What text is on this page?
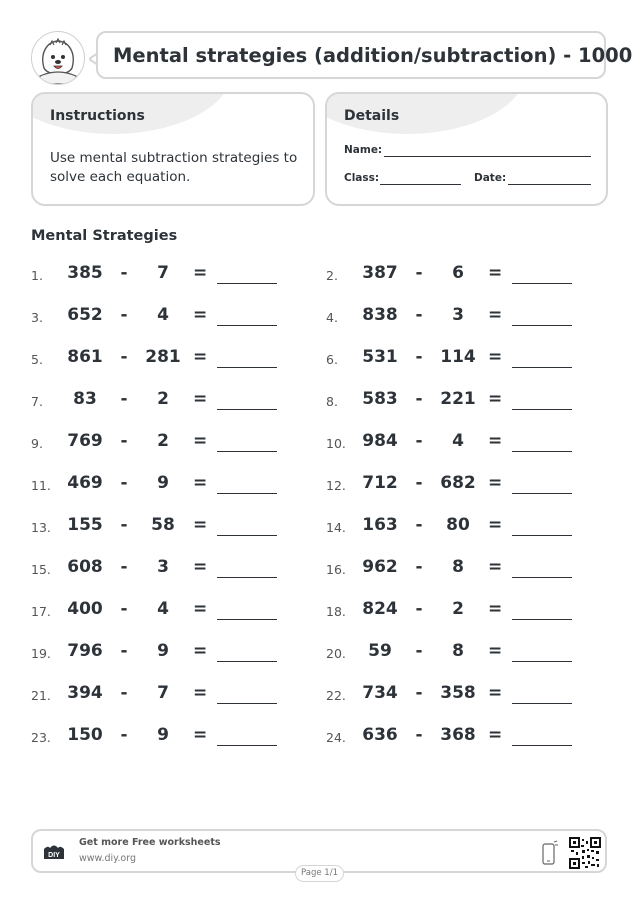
Mental strategies (addition/subtraction) - 1000
Instructions
Use mental subtraction strategies to solve each equation.
Details
Name:
Class:	Date:
Mental Strategies
1. 385 -	7	=	2. 387 -	6	=
3. 652 -	4	=	4. 838 -	3	=
5. 861 - 281 =	6. 531 - 114 =
7.	83	-	2	=	8. 583 - 221 =
9. 769 -	2	=	10. 984 -	4	=
11. 469 -	9	=	12. 712 - 682 =
13. 155 -	58	=	14. 163 -	80	=
15. 608 -	3	=	16. 962 -	8	=
17. 400 -	4	=	18. 824 -	2	=
19. 796 -	9	=	20.	59	-	8	=
21. 394 -	7	=	22. 734 - 358 =
23. 150 -	9	=	24. 636 - 368 =
DIY
Get more Free worksheets
www.diy.org
Page 1/1
